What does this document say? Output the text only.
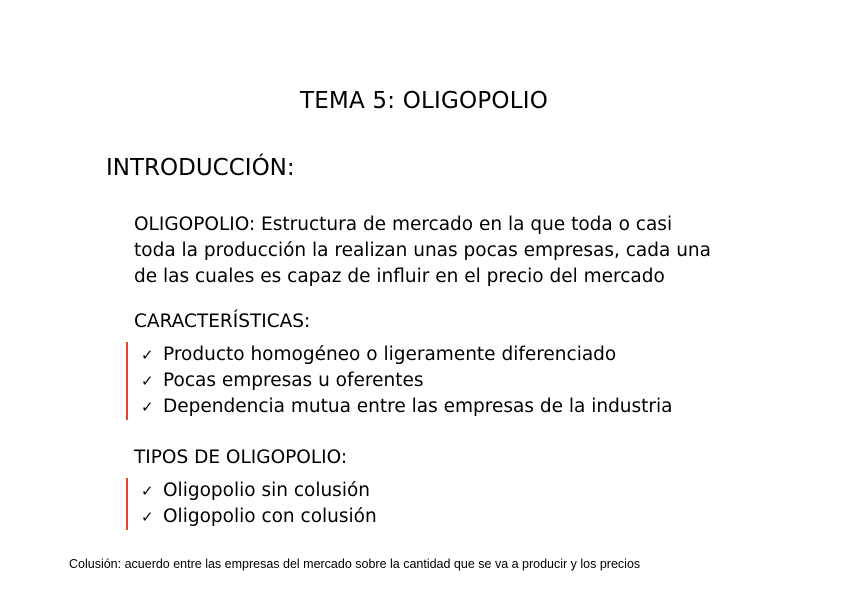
TEMA 5: OLIGOPOLIO
INTRODUCCIÓN:
OLIGOPOLIO: Estructura de mercado en la que toda o casi
toda la producción la realizan unas pocas empresas, cada una
de las cuales es capaz de influir en el precio del mercado
CARACTERÍSTICAS:
✓ Producto homogéneo o ligeramente diferenciado
✓ Pocas empresas u oferentes
✓ Dependencia mutua entre las empresas de la industria
TIPOS DE OLIGOPOLIO:
✓ Oligopolio sin colusión
✓ Oligopolio con colusión
Colusión: acuerdo entre las empresas del mercado sobre la cantidad que se va a producir y los precios
